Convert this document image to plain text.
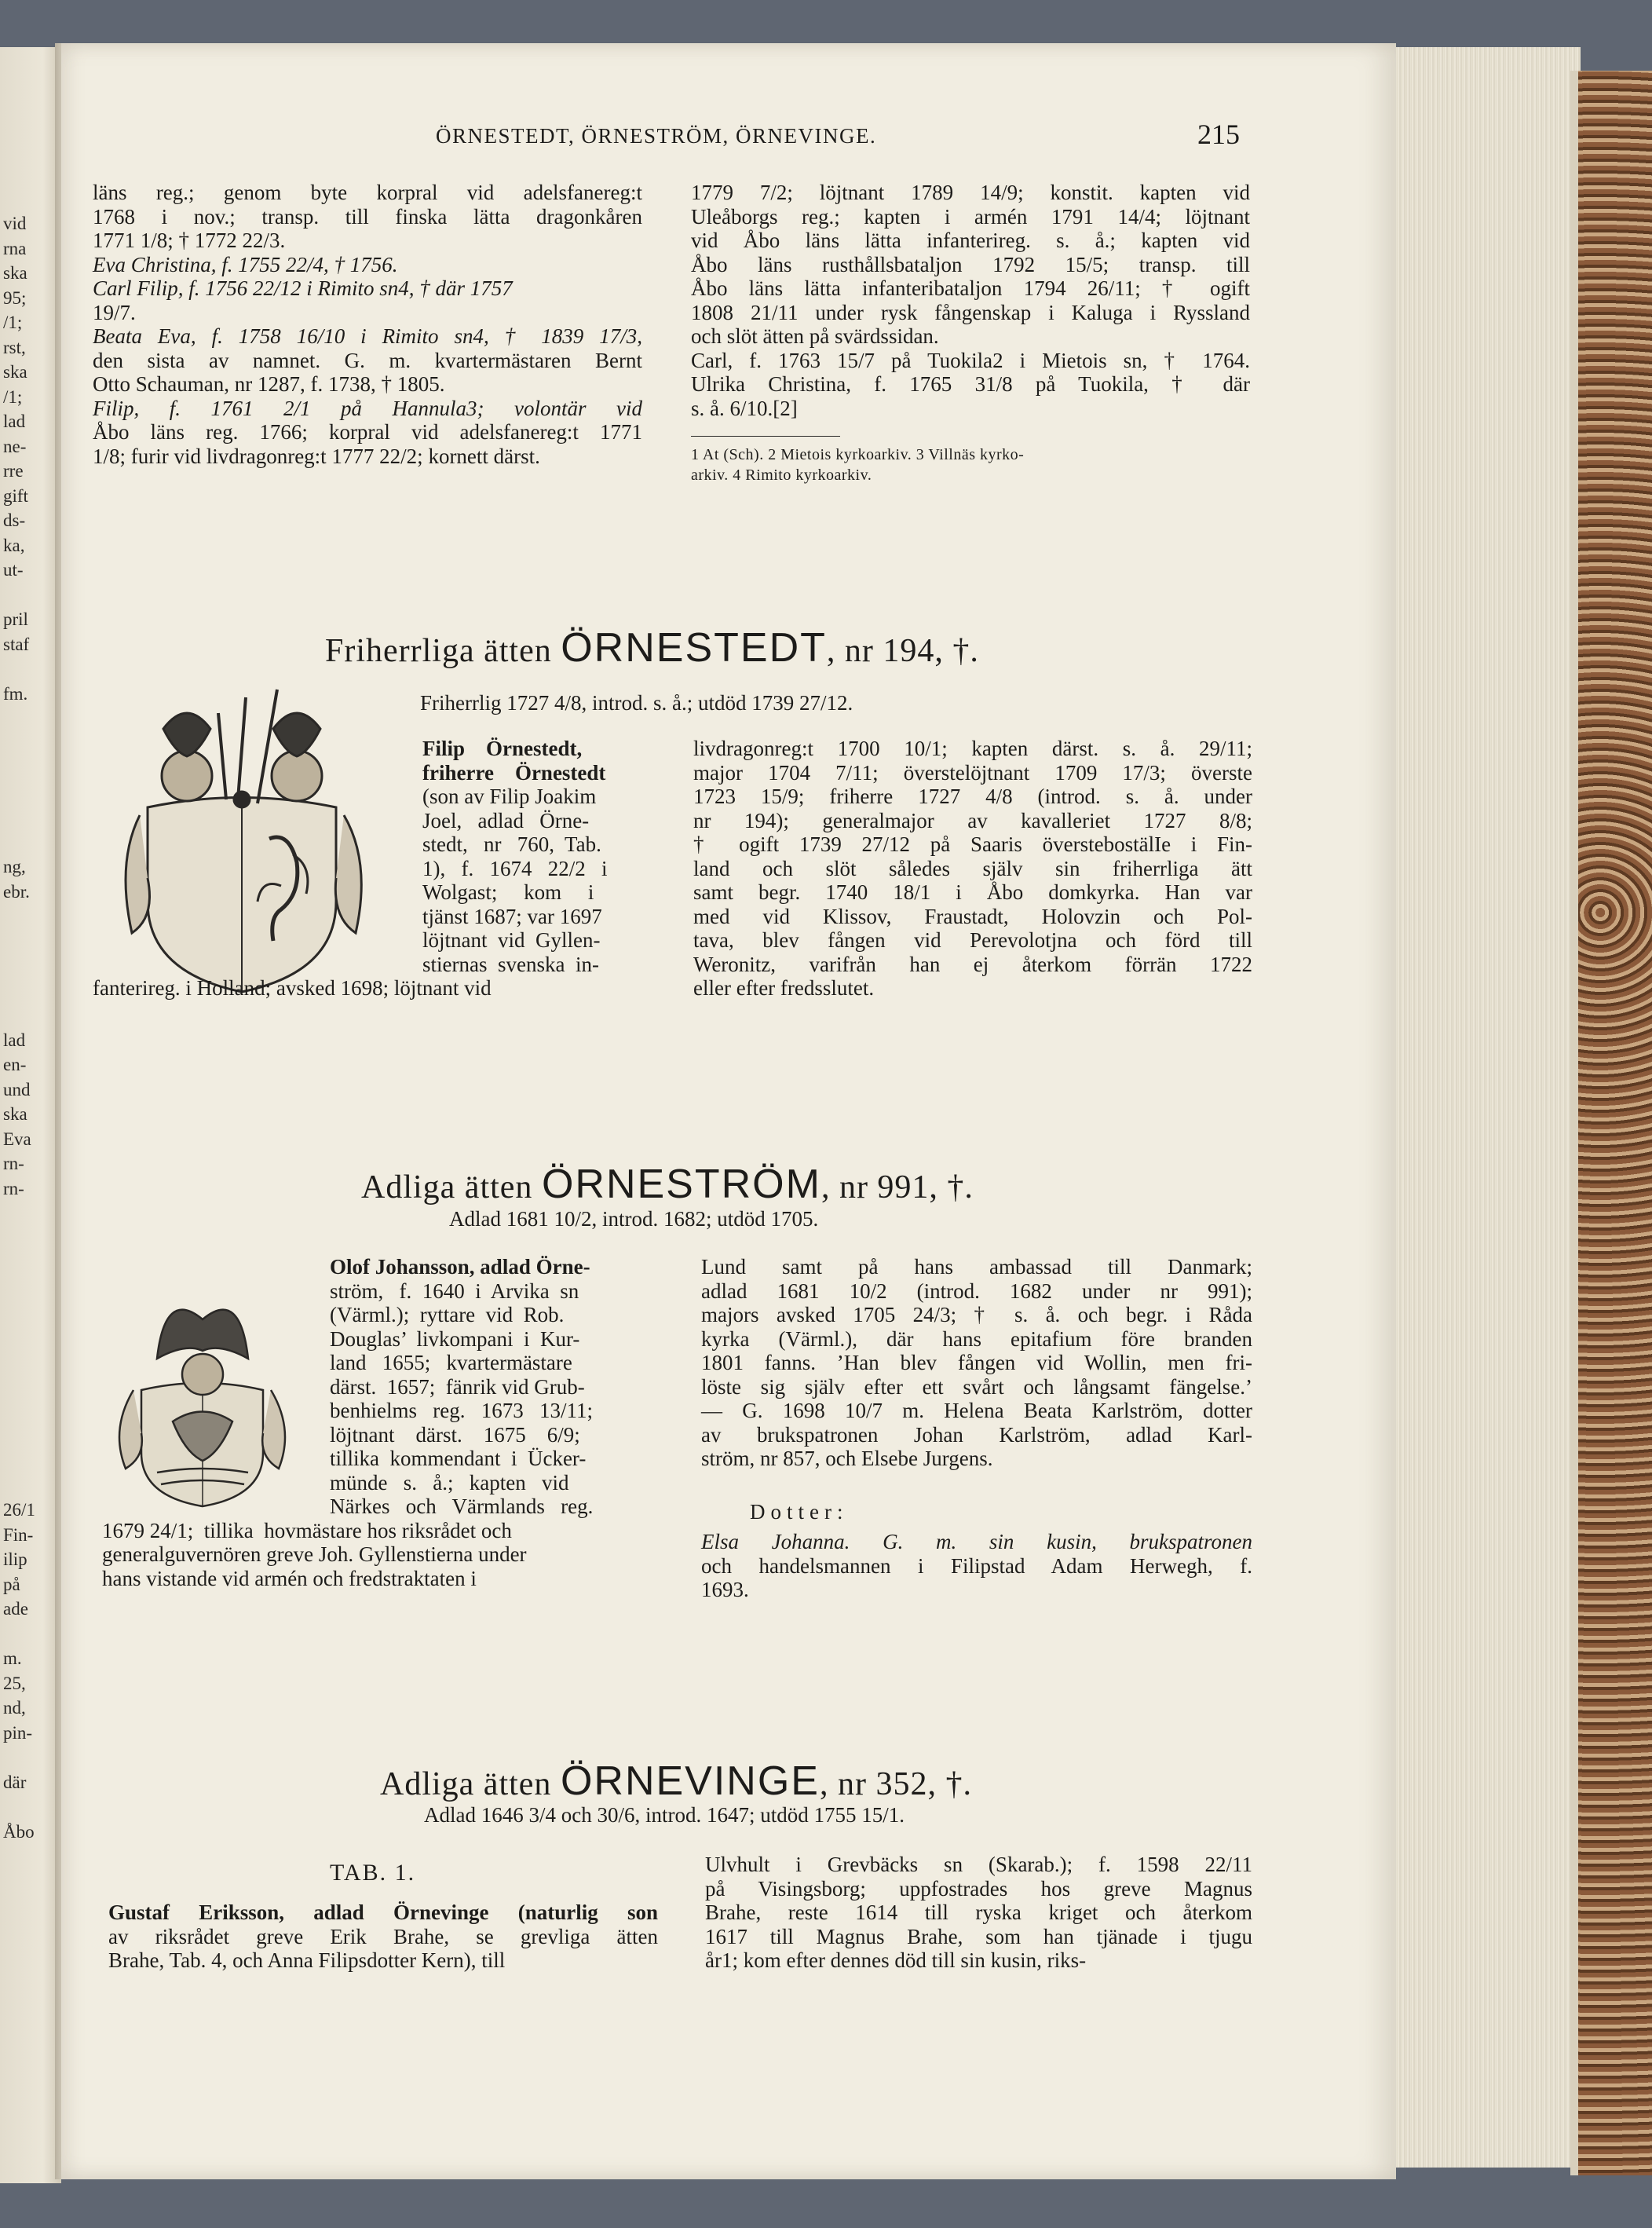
vid
rna
ska
95;
/1;
rst,
ska
/1;
lad
ne-
rre
gift
ds-
ka,
ut-
pril
staf
fm.
ng,
ebr.
lad
en-
und
ska
Eva
rn-
rn-
26/1
Fin-
ilip
på
ade
m.
25,
nd,
pin-
där
Åbo
ÖRNESTEDT, ÖRNESTRÖM, ÖRNEVINGE.	215
läns reg.; genom byte korpral vid adelsfanereg:t
1768 i nov.; transp. till finska lätta dragonkåren
1771 1/8; † 1772 22/3.
Eva Christina, f. 1755 22/4, † 1756.
Carl Filip, f. 1756 22/12 i Rimito sn4, † där 1757
19/7.
Beata Eva, f. 1758 16/10 i Rimito sn4, † 1839 17/3,
den sista av namnet. G. m. kvartermästaren Bernt
Otto Schauman, nr 1287, f. 1738, † 1805.
Filip, f. 1761 2/1 på Hannula3; volontär vid
Åbo läns reg. 1766; korpral vid adelsfanereg:t 1771
1/8; furir vid livdragonreg:t 1777 22/2; kornett därst.
1779 7/2; löjtnant 1789 14/9; konstit. kapten vid
Uleåborgs reg.; kapten i armén 1791 14/4; löjtnant
vid Åbo läns lätta infanterireg. s. å.; kapten vid
Åbo läns rusthållsbataljon 1792 15/5; transp. till
Åbo läns lätta infanteribataljon 1794 26/11; † ogift
1808 21/11 under rysk fångenskap i Kaluga i Ryssland
och slöt ätten på svärdssidan.
Carl, f. 1763 15/7 på Tuokila2 i Mietois sn, † 1764.
Ulrika Christina, f. 1765 31/8 på Tuokila, † där
s. å. 6/10.[2]
1 At (Sch). 2 Mietois kyrkoarkiv. 3 Villnäs kyrko-
arkiv. 4 Rimito kyrkoarkiv.
Friherrliga ätten ÖRNESTEDT, nr 194, †.
Friherrlig 1727 4/8, introd. s. å.; utdöd 1739 27/12.
Filip    Örnestedt,
friherre    Örnestedt
(son av Filip Joakim
Joel,   adlad   Örne-
stedt,   nr   760,  Tab.
1),   f.   1674   22/2   i
Wolgast;     kom     i
tjänst 1687; var 1697
löjtnant  vid  Gyllen-
stiernas  svenska  in-
fanterireg. i Holland; avsked 1698; löjtnant vid
livdragonreg:t 1700 10/1; kapten därst. s. å. 29/11;
major 1704 7/11; överstelöjtnant 1709 17/3; överste
1723 15/9; friherre 1727 4/8 (introd. s. å. under
nr 194); generalmajor av kavalleriet 1727 8/8;
† ogift 1739 27/12 på Saaris överstebostälIe i Fin-
land och slöt således själv sin friherrliga ätt
samt begr. 1740 18/1 i Åbo domkyrka. Han var
med vid Klissov, Fraustadt, Holovzin och Pol-
tava, blev fången vid Perevolotjna och förd till
Weronitz, varifrån han ej återkom förrän 1722
eller efter fredsslutet.
Adliga ätten ÖRNESTRÖM, nr 991, †.
Adlad 1681 10/2, introd. 1682; utdöd 1705.
Olof Johansson, adlad Örne-
ström,   f.  1640  i  Arvika  sn
(Värml.);  ryttare  vid  Rob.
Douglas’  livkompani  i  Kur-
land   1655;   kvartermästare
därst.  1657;  fänrik vid Grub-
benhielms   reg.   1673   13/11;
löjtnant    därst.    1675    6/9;
tillika  kommendant  i  Ücker-
münde   s.   å.;   kapten   vid
Närkes   och   Värmlands   reg.
1679 24/1;  tillika  hovmästare hos riksrådet och
generalguvernören greve Joh. Gyllenstierna under
hans vistande vid armén och fredstraktaten i
Lund samt på hans ambassad till Danmark;
adlad 1681 10/2 (introd. 1682 under nr 991);
majors avsked 1705 24/3; † s. å. och begr. i Råda
kyrka (Värml.), där hans epitafium före branden
1801 fanns. ’Han blev fången vid Wollin, men fri-
löste sig själv efter ett svårt och långsamt fängelse.’
— G. 1698 10/7 m. Helena Beata Karlström, dotter
av brukspatronen Johan Karlström, adlad Karl-
ström, nr 857, och Elsebe Jurgens.
Dotter:
Elsa Johanna. G. m. sin kusin, brukspatronen
och handelsmannen i Filipstad Adam Herwegh, f.
1693.
Adliga ätten ÖRNEVINGE, nr 352, †.
Adlad 1646 3/4 och 30/6, introd. 1647; utdöd 1755 15/1.
TAB. 1.
Gustaf Eriksson, adlad Örnevinge (naturlig son
av riksrådet greve Erik Brahe, se grevliga ätten
Brahe, Tab. 4, och Anna Filipsdotter Kern), till
Ulvhult i Grevbäcks sn (Skarab.); f. 1598 22/11
på Visingsborg; uppfostrades hos greve Magnus
Brahe, reste 1614 till ryska kriget och återkom
1617 till Magnus Brahe, som han tjänade i tjugu
år1; kom efter dennes död till sin kusin, riks-
